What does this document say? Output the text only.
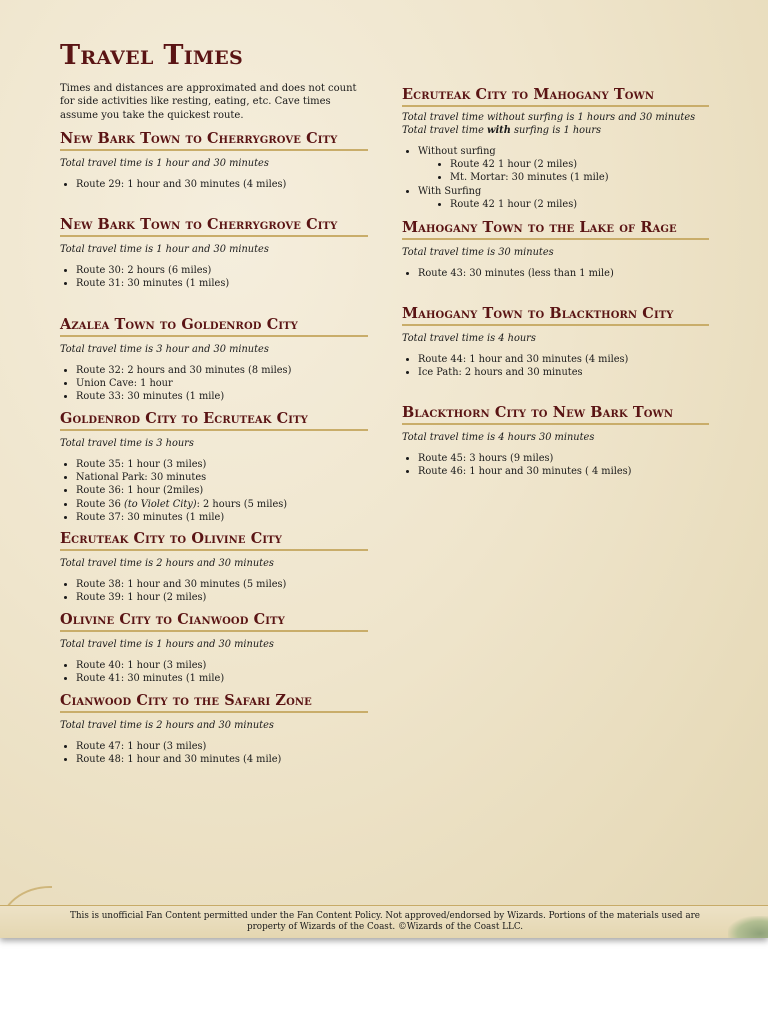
Travel Times

Times and distances are approximated and does not count for side activities like resting, eating, etc. Cave times assume you take the quickest route.

New Bark Town to Cherrygrove City

Total travel time is 1 hour and 30 minutes

• Route 29: 1 hour and 30 minutes (4 miles)
New Bark Town to Cherrygrove City

Total travel time is 1 hour and 30 minutes

• Route 30: 2 hours (6 miles)
• Route 31: 30 minutes (1 miles)
Azalea Town to Goldenrod City

Total travel time is 3 hour and 30 minutes

• Route 32: 2 hours and 30 minutes (8 miles)
• Union Cave: 1 hour
• Route 33: 30 minutes (1 mile)
Goldenrod City to Ecruteak City

Total travel time is 3 hours

• Route 35: 1 hour (3 miles)
• National Park: 30 minutes
• Route 36: 1 hour (2miles)
• Route 36 (to Violet City): 2 hours (5 miles)
• Route 37: 30 minutes (1 mile)
Ecruteak City to Olivine City

Total travel time is 2 hours and 30 minutes

• Route 38: 1 hour and 30 minutes (5 miles)
• Route 39: 1 hour (2 miles)
Olivine City to Cianwood City

Total travel time is 1 hours and 30 minutes

• Route 40: 1 hour (3 miles)
• Route 41: 30 minutes (1 mile)
Cianwood City to the Safari Zone

Total travel time is 2 hours and 30 minutes

• Route 47: 1 hour (3 miles)
• Route 48: 1 hour and 30 minutes (4 mile)
Ecruteak City to Mahogany Town

Total travel time without surfing is 1 hours and 30 minutes

Total travel time with surfing is 1 hours

• Without surfing
• Route 42 1 hour (2 miles)
• Mt. Mortar: 30 minutes (1 mile)
• With Surfing
• Route 42 1 hour (2 miles)
Mahogany Town to the Lake of Rage

Total travel time is 30 minutes

• Route 43: 30 minutes (less than 1 mile)
Mahogany Town to Blackthorn City

Total travel time is 4 hours

• Route 44: 1 hour and 30 minutes (4 miles)
• Ice Path: 2 hours and 30 minutes
Blackthorn City to New Bark Town

Total travel time is 4 hours 30 minutes

• Route 45: 3 hours (9 miles)
• Route 46: 1 hour and 30 minutes ( 4 miles)

This is unofficial Fan Content permitted under the Fan Content Policy. Not approved/endorsed by Wizards. Portions of the materials used are property of Wizards of the Coast. ©Wizards of the Coast LLC.
